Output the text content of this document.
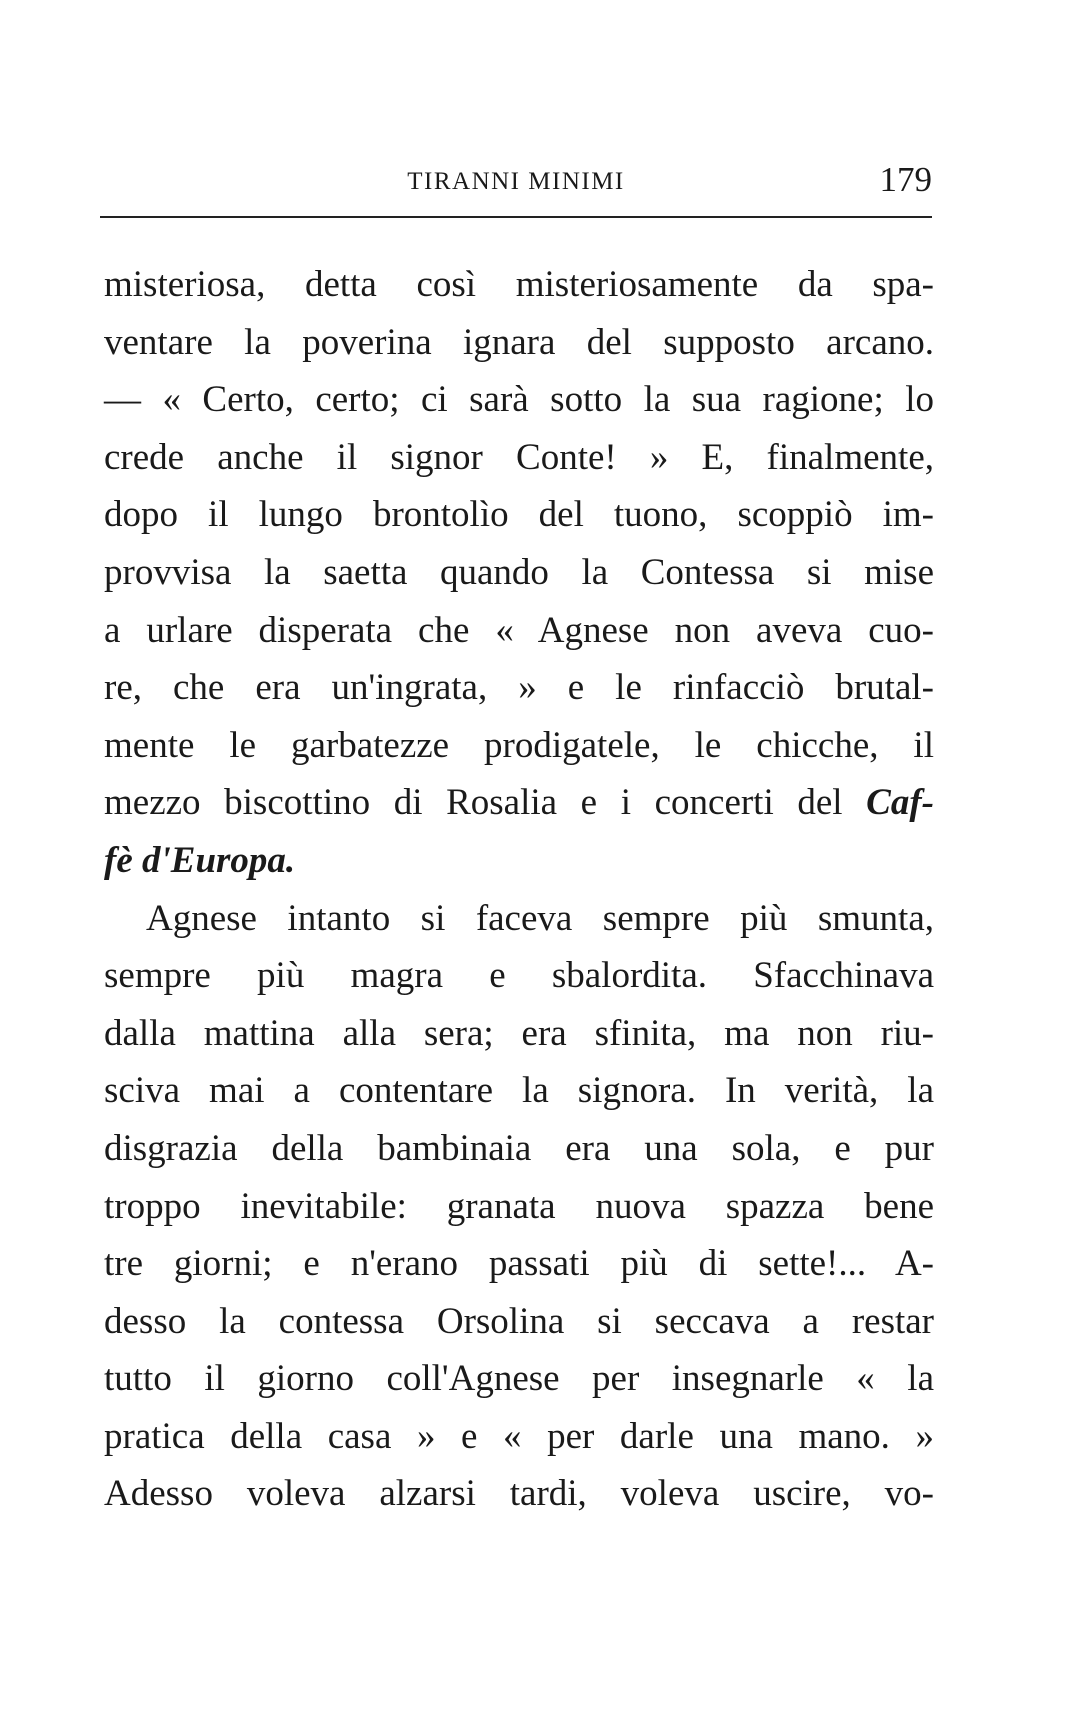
TIRANNI MINIMI	179
misteriosa, detta così misteriosamente da spa-
ventare la poverina ignara del supposto arcano.
— « Certo, certo; ci sarà sotto la sua ragione; lo
crede anche il signor Conte! » E, finalmente,
dopo il lungo brontolìo del tuono, scoppiò im-
provvisa la saetta quando la Contessa si mise
a urlare disperata che « Agnese non aveva cuo-
re, che era un'ingrata, » e le rinfacciò brutal-
mente le garbatezze prodigatele, le chicche, il
mezzo biscottino di Rosalia e i concerti del Caf-
fè d'Europa.
Agnese intanto si faceva sempre più smunta,
sempre più magra e sbalordita. Sfacchinava
dalla mattina alla sera; era sfinita, ma non riu-
sciva mai a contentare la signora. In verità, la
disgrazia della bambinaia era una sola, e pur
troppo inevitabile: granata nuova spazza bene
tre giorni; e n'erano passati più di sette!... A-
desso la contessa Orsolina si seccava a restar
tutto il giorno coll'Agnese per insegnarle « la
pratica della casa » e « per darle una mano. »
Adesso voleva alzarsi tardi, voleva uscire, vo-
